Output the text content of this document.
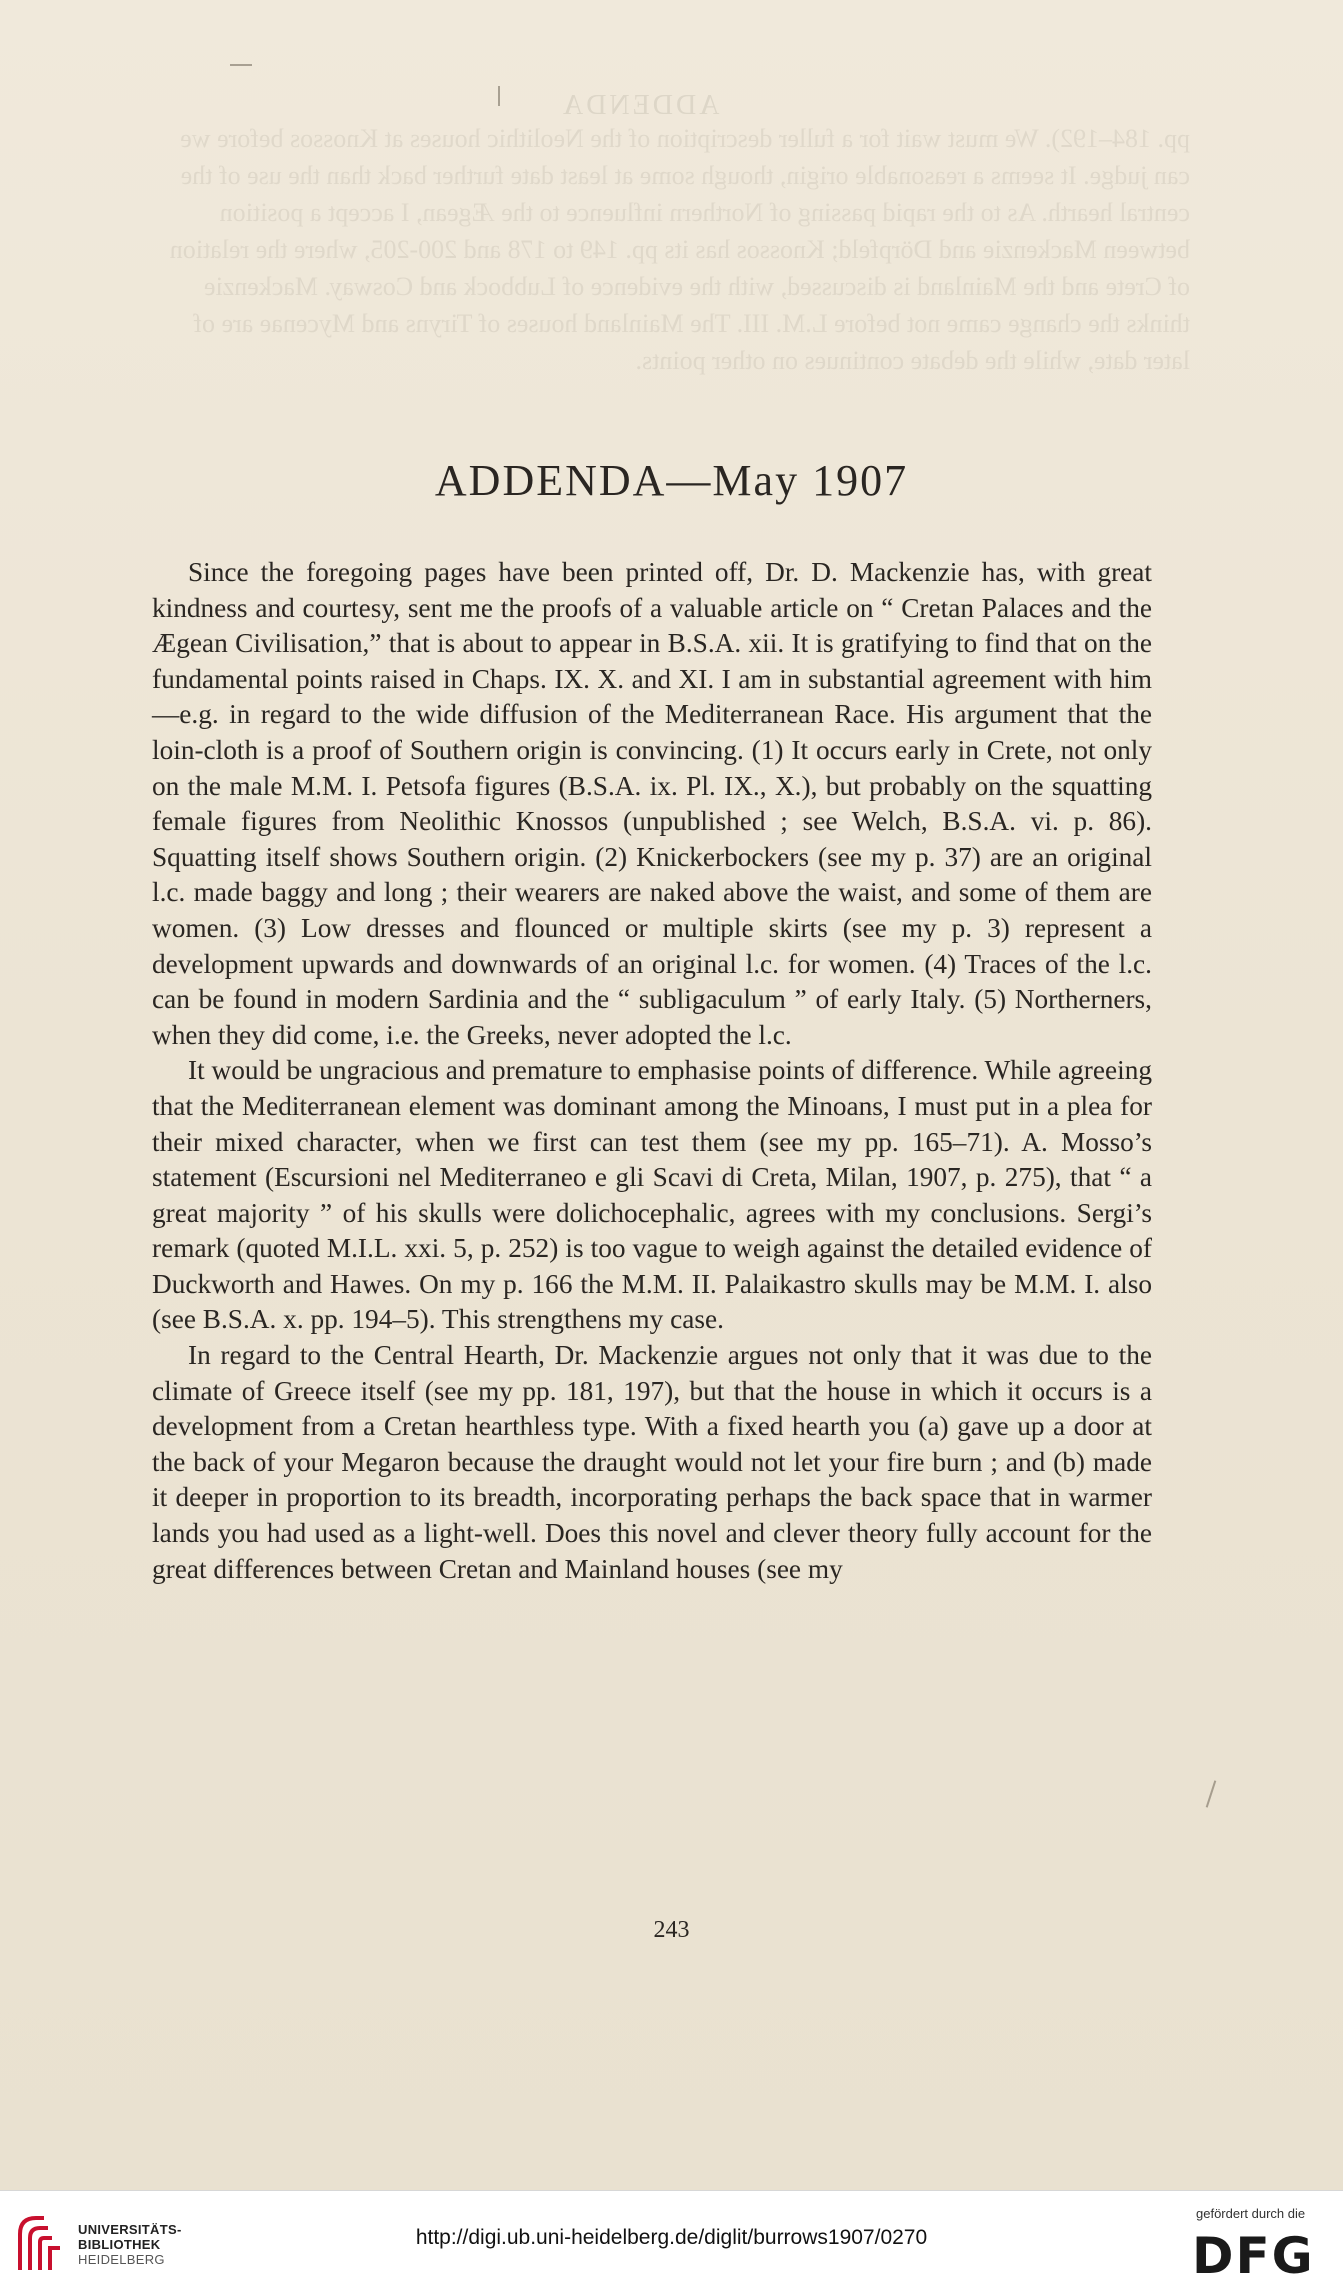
ADDENDA
ADDENDA—May 1907

Since the foregoing pages have been printed off, Dr. D. Mackenzie has, with great kindness and courtesy, sent me the proofs of a valuable article on “ Cretan Palaces and the Ægean Civilisation,” that is about to appear in B.S.A. xii. It is gratifying to find that on the fundamental points raised in Chaps. IX. X. and XI. I am in substantial agreement with him—e.g. in regard to the wide diffusion of the Mediterranean Race. His argument that the loin-cloth is a proof of Southern origin is convincing. (1) It occurs early in Crete, not only on the male M.M. I. Petsofa figures (B.S.A. ix. Pl. IX., X.), but probably on the squatting female figures from Neolithic Knossos (unpublished ; see Welch, B.S.A. vi. p. 86). Squatting itself shows Southern origin. (2) Knickerbockers (see my p. 37) are an original l.c. made baggy and long ; their wearers are naked above the waist, and some of them are women. (3) Low dresses and flounced or multiple skirts (see my p. 3) represent a development upwards and downwards of an original l.c. for women. (4) Traces of the l.c. can be found in modern Sardinia and the “ subligaculum ” of early Italy. (5) Northerners, when they did come, i.e. the Greeks, never adopted the l.c.

It would be ungracious and premature to emphasise points of difference. While agreeing that the Mediterranean element was dominant among the Minoans, I must put in a plea for their mixed character, when we first can test them (see my pp. 165–71). A. Mosso’s statement (Escursioni nel Mediterraneo e gli Scavi di Creta, Milan, 1907, p. 275), that “ a great majority ” of his skulls were dolichocephalic, agrees with my conclusions. Sergi’s remark (quoted M.I.L. xxi. 5, p. 252) is too vague to weigh against the detailed evidence of Duckworth and Hawes. On my p. 166 the M.M. II. Palaikastro skulls may be M.M. I. also (see B.S.A. x. pp. 194–5). This strengthens my case.

In regard to the Central Hearth, Dr. Mackenzie argues not only that it was due to the climate of Greece itself (see my pp. 181, 197), but that the house in which it occurs is a development from a Cretan hearthless type. With a fixed hearth you (a) gave up a door at the back of your Megaron because the draught would not let your fire burn ; and (b) made it deeper in proportion to its breadth, incorporating perhaps the back space that in warmer lands you had used as a light-well. Does this novel and clever theory fully account for the great differences between Cretan and Mainland houses (see my

243
UNIVERSITÄTS-
BIBLIOTHEK
HEIDELBERG
http://digi.ub.uni-heidelberg.de/diglit/burrows1907/0270
gefördert durch die
DFG
